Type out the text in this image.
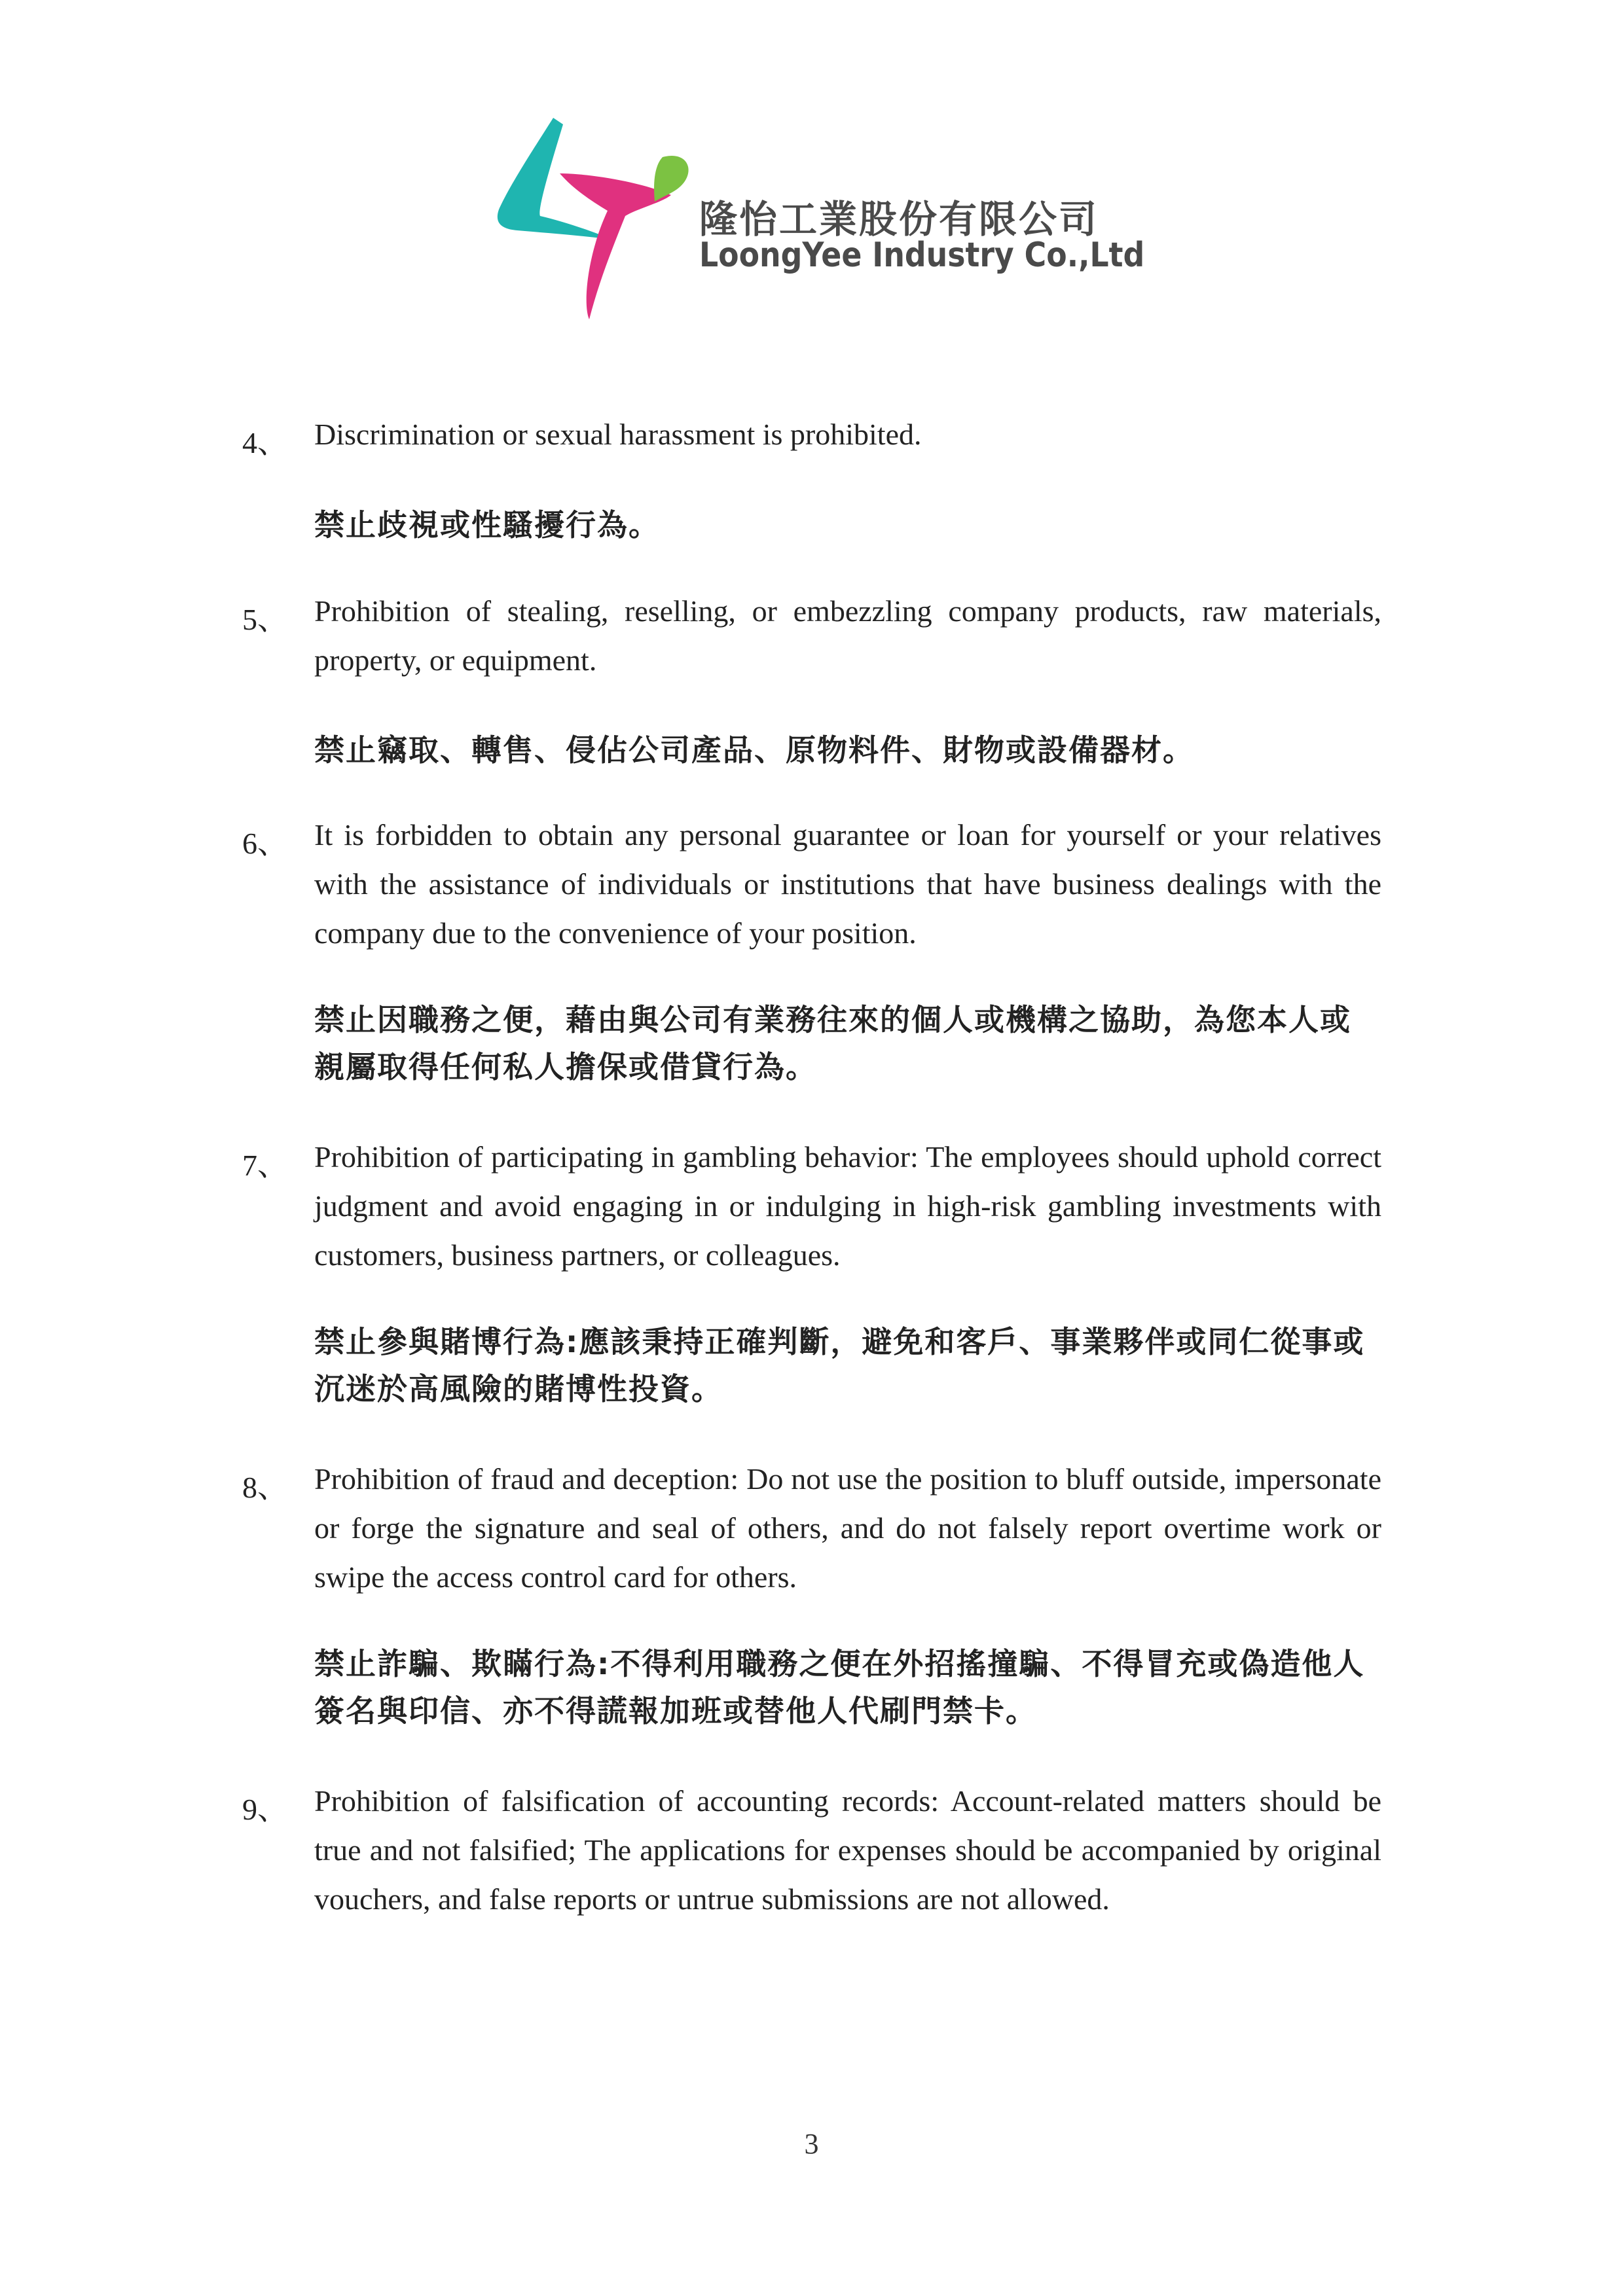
隆怡工業股份有限公司
LoongYee Industry Co.,Ltd
4、 Discrimination or sexual harassment is prohibited.
禁止歧視或性騷擾行為。
5、 Prohibition of stealing, reselling, or embezzling company products, raw materials, property, or equipment.
禁止竊取、轉售、侵佔公司產品、原物料件、財物或設備器材。
6、 It is forbidden to obtain any personal guarantee or loan for yourself or your relatives with the assistance of individuals or institutions that have business dealings with the company due to the convenience of your position.
禁止因職務之便，藉由與公司有業務往來的個人或機構之協助，為您本人或親屬取得任何私人擔保或借貸行為。
7、 Prohibition of participating in gambling behavior: The employees should uphold correct judgment and avoid engaging in or indulging in high-risk gambling investments with customers, business partners, or colleagues.
禁止參與賭博行為:應該秉持正確判斷，避免和客戶、事業夥伴或同仁從事或沉迷於高風險的賭博性投資。
8、 Prohibition of fraud and deception: Do not use the position to bluff outside, impersonate or forge the signature and seal of others, and do not falsely report overtime work or swipe the access control card for others.
禁止詐騙、欺瞞行為:不得利用職務之便在外招搖撞騙、不得冒充或偽造他人簽名與印信、亦不得謊報加班或替他人代刷門禁卡。
9、 Prohibition of falsification of accounting records: Account-related matters should be true and not falsified; The applications for expenses should be accompanied by original vouchers, and false reports or untrue submissions are not allowed.
3
